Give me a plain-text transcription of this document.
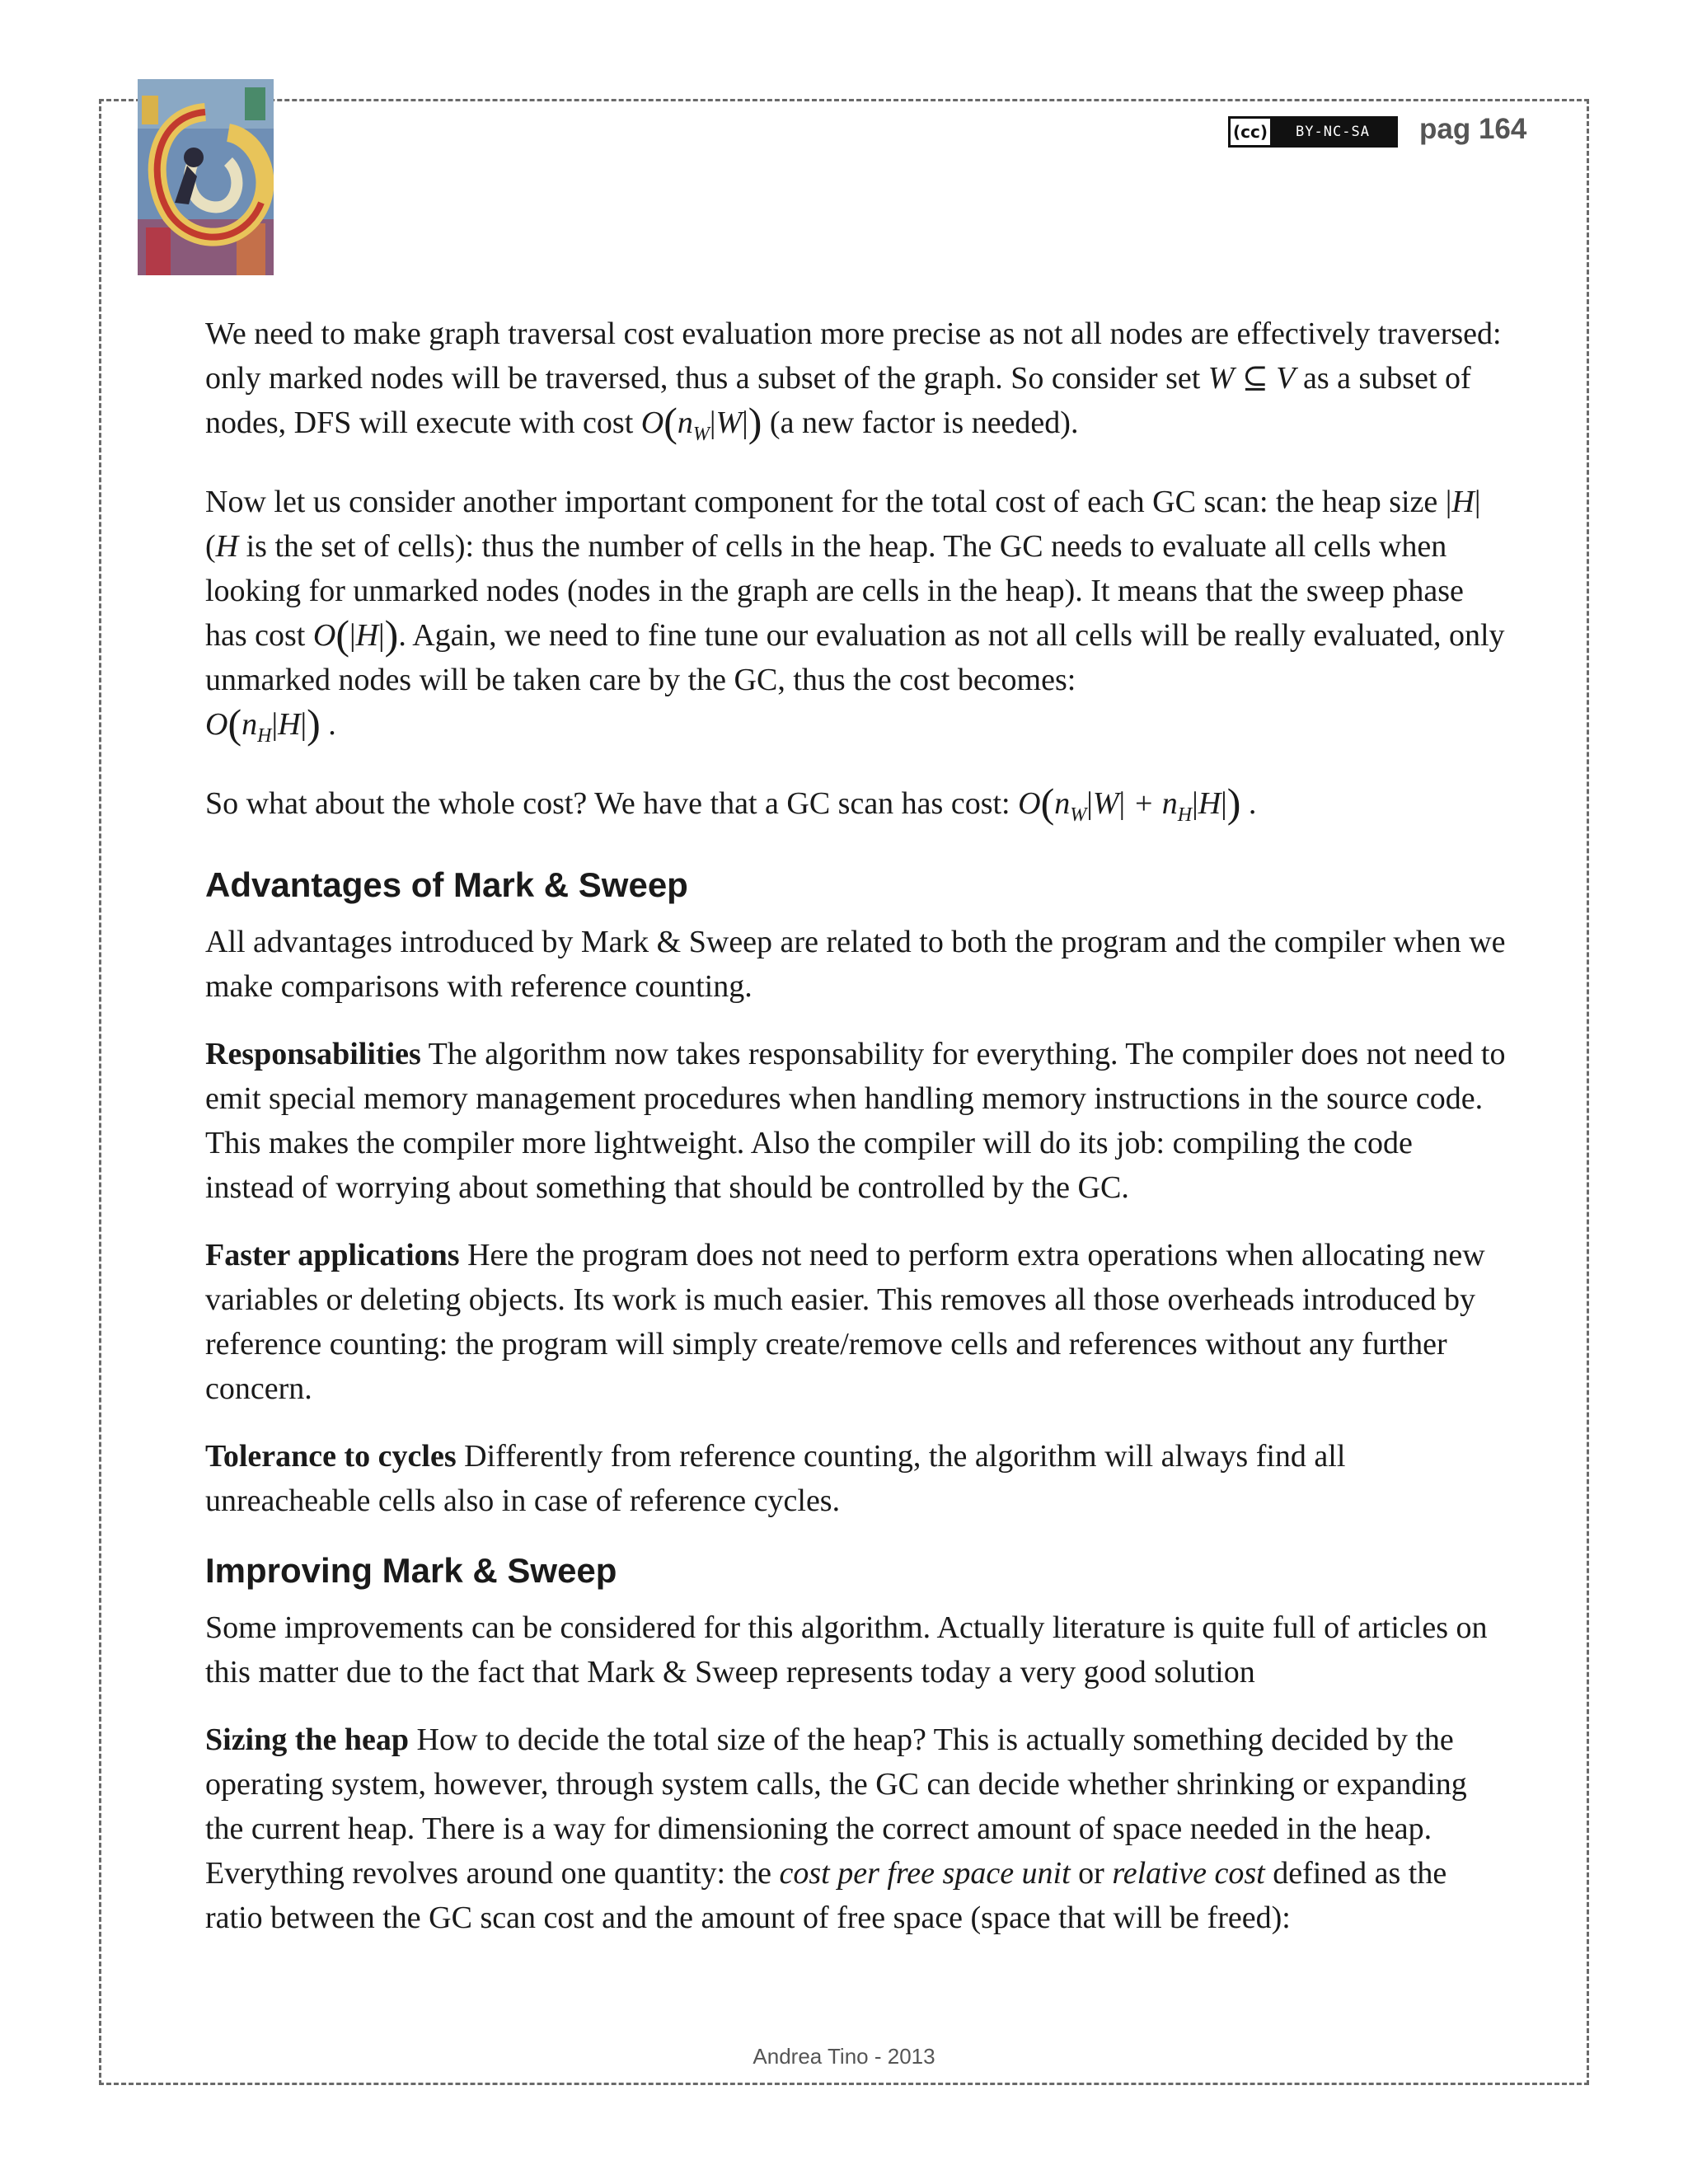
(cc)	BY-NC-SA	pag 164

We need to make graph traversal cost evaluation more precise as not all nodes are effectively traversed: only marked nodes will be traversed, thus a subset of the graph. So consider set W ⊆ V as a subset of nodes, DFS will execute with cost $O(n_W|W|)$ (a new factor is needed).

Now let us consider another important component for the total cost of each GC scan: the heap size |H| (H is the set of cells): thus the number of cells in the heap. The GC needs to evaluate all cells when looking for unmarked nodes (nodes in the graph are cells in the heap). It means that the sweep phase has cost O(|H|). Again, we need to fine tune our evaluation as not all cells will be really evaluated, only unmarked nodes will be taken care by the GC, thus the cost becomes:
$O(n_H|H|)$ .

So what about the whole cost? We have that a GC scan has cost: $O(n_W|W| + n_H|H|)$ .

Advantages of Mark & Sweep

All advantages introduced by Mark & Sweep are related to both the program and the compiler when we make comparisons with reference counting.

Responsabilities The algorithm now takes responsability for everything. The compiler does not need to emit special memory management procedures when handling memory instructions in the source code. This makes the compiler more lightweight. Also the compiler will do its job: compiling the code instead of worrying about something that should be controlled by the GC.

Faster applications Here the program does not need to perform extra operations when allocating new variables or deleting objects. Its work is much easier. This removes all those overheads introduced by reference counting: the program will simply create/remove cells and references without any further concern.

Tolerance to cycles Differently from reference counting, the algorithm will always find all unreacheable cells also in case of reference cycles.

Improving Mark & Sweep

Some improvements can be considered for this algorithm. Actually literature is quite full of articles on this matter due to the fact that Mark & Sweep represents today a very good solution

Sizing the heap How to decide the total size of the heap? This is actually something decided by the operating system, however, through system calls, the GC can decide whether shrinking or expanding the current heap. There is a way for dimensioning the correct amount of space needed in the heap. Everything revolves around one quantity: the cost per free space unit or relative cost defined as the ratio between the GC scan cost and the amount of free space (space that will be freed):

Andrea Tino - 2013
